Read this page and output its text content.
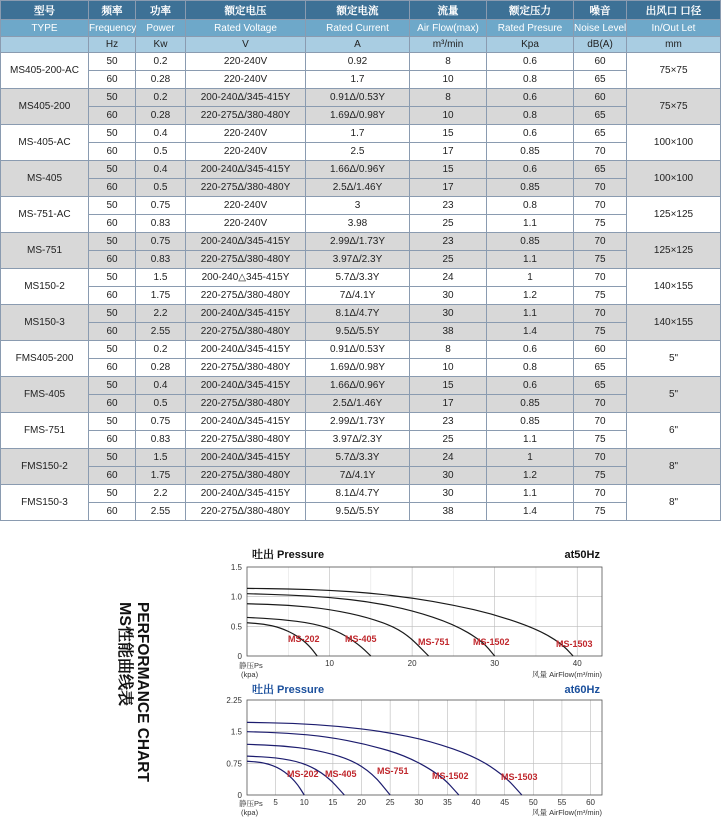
型号	频率	功率	额定电压	额定电流	流量	额定压力	噪音	出风口 口径
TYPE	Frequency	Power	Rated Voltage	Rated Current	Air Flow(max)	Rated Presure	Noise Level	In/Out Let
	Hz	Kw	V	A	m³/min	Kpa	dB(A)	mm
MS405-200-AC	50	0.2	220-240V	0.92	8	0.6	60	75×75
	60	0.28	220-240V	1.7	10	0.8	65	
MS405-200	50	0.2	200-240Δ/345-415Y	0.91Δ/0.53Y	8	0.6	60	75×75
	60	0.28	220-275Δ/380-480Y	1.69Δ/0.98Y	10	0.8	65	
MS-405-AC	50	0.4	220-240V	1.7	15	0.6	65	100×100
	60	0.5	220-240V	2.5	17	0.85	70	
MS-405	50	0.4	200-240Δ/345-415Y	1.66Δ/0.96Y	15	0.6	65	100×100
	60	0.5	220-275Δ/380-480Y	2.5Δ/1.46Y	17	0.85	70	
MS-751-AC	50	0.75	220-240V	3	23	0.8	70	125×125
	60	0.83	220-240V	3.98	25	1.1	75	
MS-751	50	0.75	200-240Δ/345-415Y	2.99Δ/1.73Y	23	0.85	70	125×125
	60	0.83	220-275Δ/380-480Y	3.97Δ/2.3Y	25	1.1	75	
MS150-2	50	1.5	200-240△345-415Y	5.7Δ/3.3Y	24	1	70	140×155
	60	1.75	220-275Δ/380-480Y	7Δ/4.1Y	30	1.2	75	
MS150-3	50	2.2	200-240Δ/345-415Y	8.1Δ/4.7Y	30	1.1	70	140×155
	60	2.55	220-275Δ/380-480Y	9.5Δ/5.5Y	38	1.4	75	
FMS405-200	50	0.2	200-240Δ/345-415Y	0.91Δ/0.53Y	8	0.6	60	5"
	60	0.28	220-275Δ/380-480Y	1.69Δ/0.98Y	10	0.8	65	
FMS-405	50	0.4	200-240Δ/345-415Y	1.66Δ/0.96Y	15	0.6	65	5"
	60	0.5	220-275Δ/380-480Y	2.5Δ/1.46Y	17	0.85	70	
FMS-751	50	0.75	200-240Δ/345-415Y	2.99Δ/1.73Y	23	0.85	70	6"
	60	0.83	220-275Δ/380-480Y	3.97Δ/2.3Y	25	1.1	75	
FMS150-2	50	1.5	200-240Δ/345-415Y	5.7Δ/3.3Y	24	1	70	8"
	60	1.75	220-275Δ/380-480Y	7Δ/4.1Y	30	1.2	75	
FMS150-3	50	2.2	200-240Δ/345-415Y	8.1Δ/4.7Y	30	1.1	70	8"
	60	2.55	220-275Δ/380-480Y	9.5Δ/5.5Y	38	1.4	75	
MS性能曲线表 PERFORMANCE CHART
吐出 Pressure	at50Hz
10	20	30	40
1.5
1.0
0.5
0
MS-202	MS-405	MS-751	MS-1502	MS-1503
静压Ps
(kpa)	风量 AirFlow(m³/min)
吐出 Pressure	at60Hz
5	10 15 20 25 30 35 40 45 50 55 60
2.25
1.5
0.75
0
MS-202 MS-405 MS-751	MS-1502	MS-1503
静压Ps
(kpa)	风量 AirFlow(m³/min)
